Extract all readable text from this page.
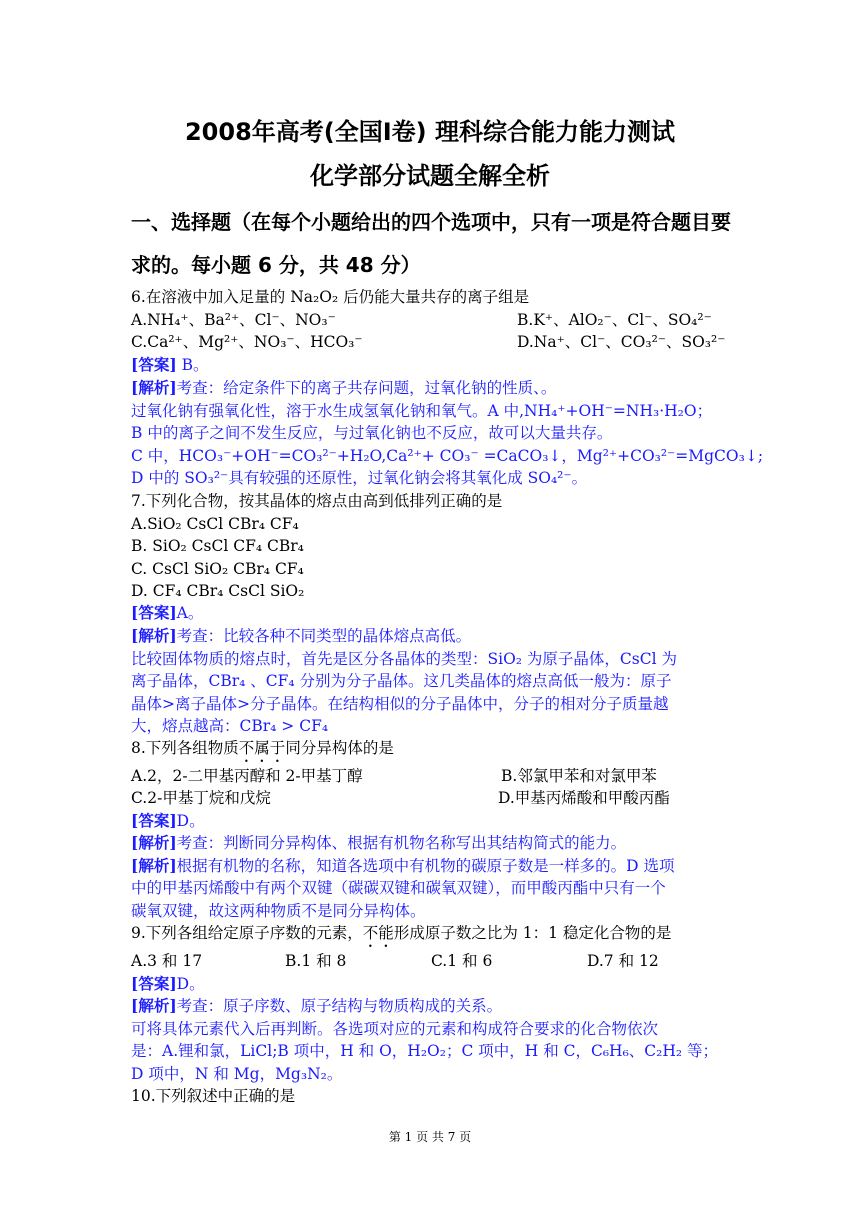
2008年高考(全国Ⅰ卷) 理科综合能力能力测试
化学部分试题全解全析
一、选择题（在每个小题给出的四个选项中，只有一项是符合题目要
求的。每小题 6 分，共 48 分）
6.在溶液中加入足量的 Na₂O₂ 后仍能大量共存的离子组是
A.NH₄⁺、Ba²⁺、Cl⁻、NO₃⁻	B.K⁺、AlO₂⁻、Cl⁻、SO₄²⁻
C.Ca²⁺、Mg²⁺、NO₃⁻、HCO₃⁻	D.Na⁺、Cl⁻、CO₃²⁻、SO₃²⁻
[答案] B。
[解析]考查：给定条件下的离子共存问题，过氧化钠的性质、。
过氧化钠有强氧化性，溶于水生成氢氧化钠和氧气。A 中,NH₄⁺+OH⁻=NH₃·H₂O；
B 中的离子之间不发生反应，与过氧化钠也不反应，故可以大量共存。
C 中，HCO₃⁻+OH⁻=CO₃²⁻+H₂O,Ca²⁺+ CO₃⁻ =CaCO₃↓，Mg²⁺+CO₃²⁻=MgCO₃↓;
D 中的 SO₃²⁻具有较强的还原性，过氧化钠会将其氧化成 SO₄²⁻。
7.下列化合物，按其晶体的熔点由高到低排列正确的是
A.SiO₂ CsCl CBr₄ CF₄
B. SiO₂ CsCl CF₄ CBr₄
C. CsCl SiO₂ CBr₄ CF₄
D. CF₄ CBr₄ CsCl SiO₂
[答案]A。
[解析]考查：比较各种不同类型的晶体熔点高低。
比较固体物质的熔点时，首先是区分各晶体的类型：SiO₂ 为原子晶体，CsCl 为
离子晶体，CBr₄ 、CF₄ 分别为分子晶体。这几类晶体的熔点高低一般为：原子
晶体>离子晶体>分子晶体。在结构相似的分子晶体中，分子的相对分子质量越
大，熔点越高：CBr₄ > CF₄
8.下列各组物质不属于同分异构体的是
A.2，2-二甲基丙醇和 2-甲基丁醇	B.邻氯甲苯和对氯甲苯
C.2-甲基丁烷和戊烷	D.甲基丙烯酸和甲酸丙酯
[答案]D。
[解析]考查：判断同分异构体、根据有机物名称写出其结构简式的能力。
[解析]根据有机物的名称，知道各选项中有机物的碳原子数是一样多的。D 选项
中的甲基丙烯酸中有两个双键（碳碳双键和碳氧双键），而甲酸丙酯中只有一个
碳氧双键，故这两种物质不是同分异构体。
9.下列各组给定原子序数的元素，不能形成原子数之比为 1：1 稳定化合物的是
A.3 和 17	B.1 和 8	C.1 和 6	D.7 和 12
[答案]D。
[解析]考查：原子序数、原子结构与物质构成的关系。
可将具体元素代入后再判断。各选项对应的元素和构成符合要求的化合物依次
是：A.锂和氯，LiCl;B 项中，H 和 O，H₂O₂；C 项中，H 和 C，C₆H₆、C₂H₂ 等；
D 项中，N 和 Mg，Mg₃N₂。
10.下列叙述中正确的是
第 1 页 共 7 页
